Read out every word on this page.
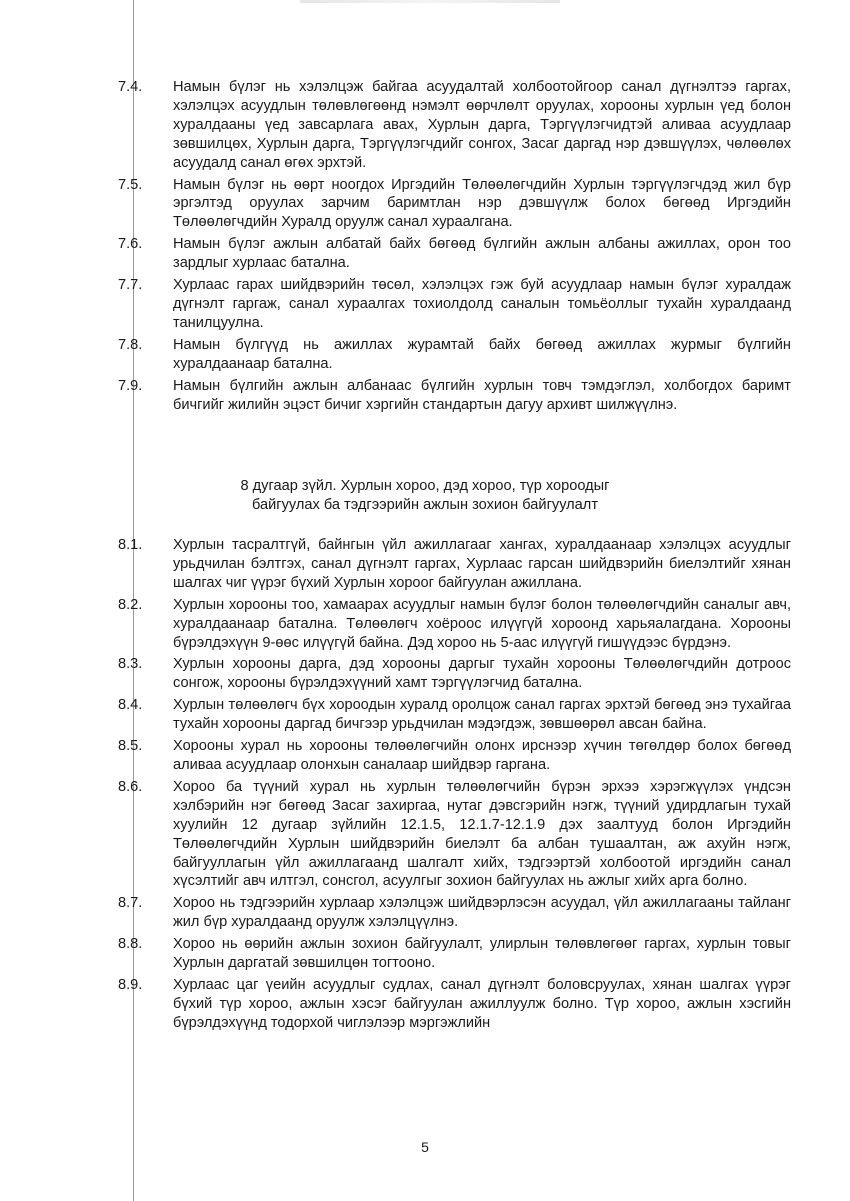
7.4.	Намын бүлэг нь хэлэлцэж байгаа асуудалтай холбоотойгоор санал дүгнэлтээ гаргах, хэлэлцэх асуудлын төлөвлөгөөнд нэмэлт өөрчлөлт оруулах, хорооны хурлын үед болон хуралдааны үед завсарлага авах, Хурлын дарга, Тэргүүлэгчидтэй аливаа асуудлаар зөвшилцөх, Хурлын дарга, Тэргүүлэгчдийг сонгох, Засаг даргад нэр дэвшүүлэх, чөлөөлөх асуудалд санал өгөх эрхтэй.
7.5.	Намын бүлэг нь өөрт ноогдох Иргэдийн Төлөөлөгчдийн Хурлын тэргүүлэгчдэд жил бүр эргэлтэд оруулах зарчим баримтлан нэр дэвшүүлж болох бөгөөд Иргэдийн Төлөөлөгчдийн Хуралд оруулж санал хураалгана.
7.6.	Намын бүлэг ажлын албатай байх бөгөөд бүлгийн ажлын албаны ажиллах, орон тоо зардлыг хурлаас батална.
7.7.	Хурлаас гарах шийдвэрийн төсөл, хэлэлцэх гэж буй асуудлаар намын бүлэг хуралдаж дүгнэлт гаргаж, санал хураалгах тохиолдолд саналын томьёоллыг тухайн хуралдаанд танилцуулна.
7.8.	Намын бүлгүүд нь ажиллах журамтай байх бөгөөд ажиллах журмыг бүлгийн хуралдаанаар батална.
7.9.	Намын бүлгийн ажлын албанаас бүлгийн хурлын товч тэмдэглэл, холбогдох баримт бичгийг жилийн эцэст бичиг хэргийн стандартын дагуу архивт шилжүүлнэ.
8 дугаар зүйл. Хурлын хороо, дэд хороо, түр хороодыг
байгуулах ба тэдгээрийн ажлын зохион байгуулалт
8.1.	Хурлын тасралтгүй, байнгын үйл ажиллагааг хангах, хуралдаанаар хэлэлцэх асуудлыг урьдчилан бэлтгэх, санал дүгнэлт гаргах, Хурлаас гарсан шийдвэрийн биелэлтийг хянан шалгах чиг үүрэг бүхий Хурлын хороог байгуулан ажиллана.
8.2.	Хурлын хорооны тоо, хамаарах асуудлыг намын бүлэг болон төлөөлөгчдийн саналыг авч, хуралдаанаар батална. Төлөөлөгч хоёроос илүүгүй хороонд харьяалагдана. Хорооны бүрэлдэхүүн 9-өөс илүүгүй байна. Дэд хороо нь 5-аас илүүгүй гишүүдээс бүрдэнэ.
8.3.	Хурлын хорооны дарга, дэд хорооны даргыг тухайн хорооны Төлөөлөгчдийн дотроос сонгож, хорооны бүрэлдэхүүний хамт тэргүүлэгчид батална.
8.4.	Хурлын төлөөлөгч бүх хороодын хуралд оролцож санал гаргах эрхтэй бөгөөд энэ тухайгаа тухайн хорооны даргад бичгээр урьдчилан мэдэгдэж, зөвшөөрөл авсан байна.
8.5.	Хорооны хурал нь хорооны төлөөлөгчийн олонх ирснээр хүчин төгөлдөр болох бөгөөд аливаа асуудлаар олонхын саналаар шийдвэр гаргана.
8.6.	Хороо ба түүний хурал нь хурлын төлөөлөгчийн бүрэн эрхээ хэрэгжүүлэх үндсэн хэлбэрийн нэг бөгөөд Засаг захиргаа, нутаг дэвсгэрийн нэгж, түүний удирдлагын тухай хуулийн 12 дугаар зүйлийн 12.1.5, 12.1.7-12.1.9 дэх заалтууд болон Иргэдийн Төлөөлөгчдийн Хурлын шийдвэрийн биелэлт ба албан тушаалтан, аж ахуйн нэгж, байгууллагын үйл ажиллагаанд шалгалт хийх, тэдгээртэй холбоотой иргэдийн санал хүсэлтийг авч илтгэл, сонсгол, асуулгыг зохион байгуулах нь ажлыг хийх арга болно.
8.7.	Хороо нь тэдгээрийн хурлаар хэлэлцэж шийдвэрлэсэн асуудал, үйл ажиллагааны тайланг жил бүр хуралдаанд оруулж хэлэлцүүлнэ.
8.8.	Хороо нь өөрийн ажлын зохион байгуулалт, улирлын төлөвлөгөөг гаргах, хурлын товыг Хурлын даргатай зөвшилцөн тогтооно.
8.9.	Хурлаас цаг үеийн асуудлыг судлах, санал дүгнэлт боловсруулах, хянан шалгах үүрэг бүхий түр хороо, ажлын хэсэг байгуулан ажиллуулж болно. Түр хороо, ажлын хэсгийн бүрэлдэхүүнд тодорхой чиглэлээр мэргэжлийн
5
